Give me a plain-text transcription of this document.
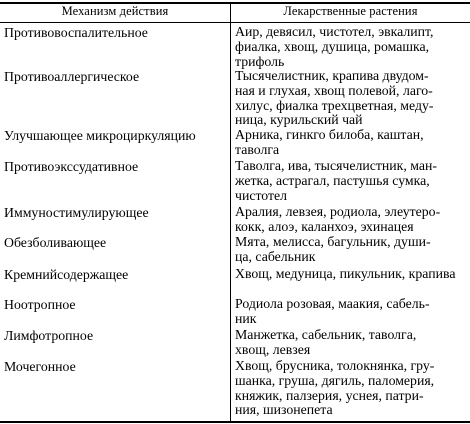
Механизм действия	Лекарственные растения
Противовоспалительное	Аир, девясил, чистотел, эвкалипт,
фиалка, хвощ, душица, ромашка,
трифоль
Противоаллергическое	Тысячелистник, крапива двудом-
ная и глухая, хвощ полевой, лаго-
хилус, фиалка трехцветная, меду-
ница, курильский чай
Улучшающее микроциркуляцию	Арника, гинкго билоба, каштан,
таволга
Противоэкссудативное	Таволга, ива, тысячелистник, ман-
жетка, астрагал, пастушья сумка,
чистотел
Иммуностимулирующее	Аралия, левзея, родиола, элеутеро-
кокк, алоэ, каланхоэ, эхинацея
Обезболивающее	Мята, мелисса, багульник, души-
ца, сабельник
Кремнийсодержащее	Хвощ, медуница, пикульник, крапива
Ноотропное	Родиола розовая, маакия, сабель-
ник
Лимфотропное	Манжетка, сабельник, таволга,
хвощ, левзея
Мочегонное	Хвощ, брусника, толокнянка, гру-
шанка, груша, дягиль, паломерия,
княжик, палзерия, уснея, патри-
ния, шизонепета
